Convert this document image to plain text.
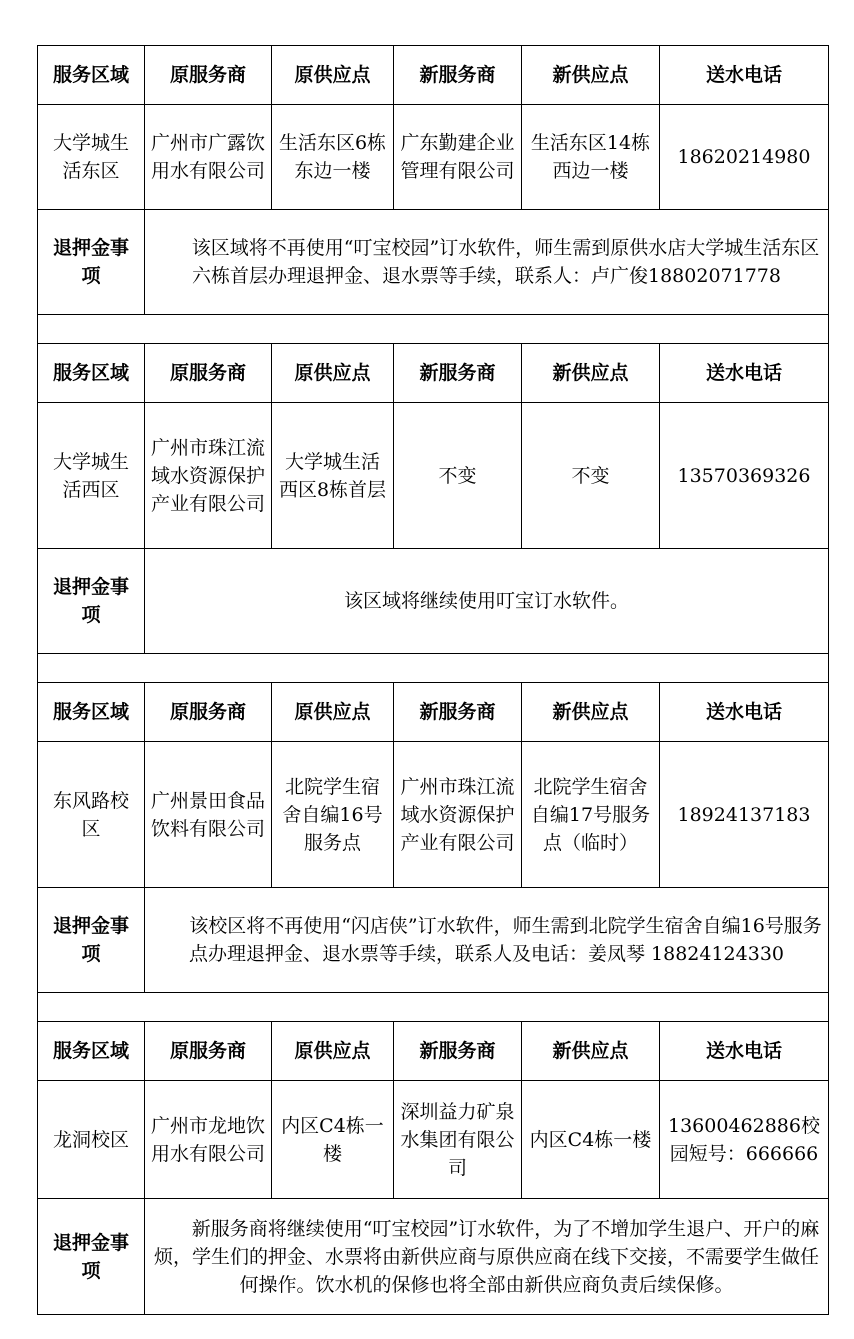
服务区域	原服务商	原供应点	新服务商	新供应点	送水电话
大学城生活东区	广州市广露饮用水有限公司	生活东区6栋东边一楼	广东勤建企业管理有限公司	生活东区14栋西边一楼	18620214980
退押金事项	该区域将不再使用“叮宝校园”订水软件，师生需到原供水店大学城生活东区六栋首层办理退押金、退水票等手续，联系人：卢广俊18802071778				

服务区域	原服务商	原供应点	新服务商	新供应点	送水电话
大学城生活西区	广州市珠江流域水资源保护产业有限公司	大学城生活西区8栋首层	不变	不变	13570369326
退押金事项	该区域将继续使用叮宝订水软件。				

服务区域	原服务商	原供应点	新服务商	新供应点	送水电话
东风路校区	广州景田食品饮料有限公司	北院学生宿舍自编16号服务点	广州市珠江流域水资源保护产业有限公司	北院学生宿舍自编17号服务点（临时）	18924137183
退押金事项	该校区将不再使用“闪店侠”订水软件，师生需到北院学生宿舍自编16号服务点办理退押金、退水票等手续，联系人及电话：姜凤琴 18824124330				

服务区域	原服务商	原供应点	新服务商	新供应点	送水电话
龙洞校区	广州市龙地饮用水有限公司	内区C4栋一楼	深圳益力矿泉水集团有限公司	内区C4栋一楼	13600462886校园短号：666666
退押金事项	新服务商将继续使用“叮宝校园”订水软件，为了不增加学生退户、开户的麻烦，学生们的押金、水票将由新供应商与原供应商在线下交接，不需要学生做任何操作。饮水机的保修也将全部由新供应商负责后续保修。				
